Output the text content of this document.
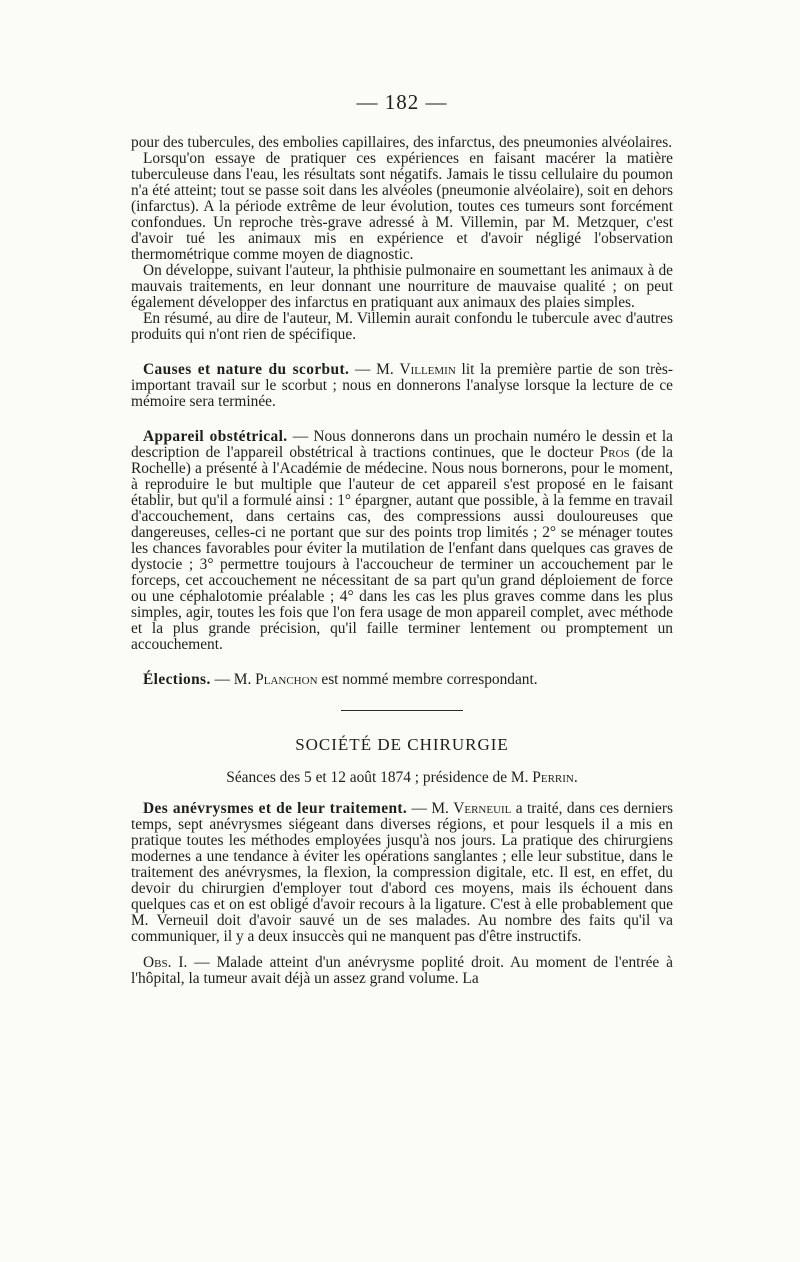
— 182 —

pour des tubercules, des embolies capillaires, des infarctus, des pneumonies alvéolaires.

Lorsqu'on essaye de pratiquer ces expériences en faisant macérer la matière tuberculeuse dans l'eau, les résultats sont négatifs. Jamais le tissu cellulaire du poumon n'a été atteint; tout se passe soit dans les alvéoles (pneumonie alvéolaire), soit en dehors (infarctus). A la période extrême de leur évolution, toutes ces tumeurs sont forcément confondues. Un reproche très-grave adressé à M. Villemin, par M. Metzquer, c'est d'avoir tué les animaux mis en expérience et d'avoir négligé l'observation thermométrique comme moyen de diagnostic.

On développe, suivant l'auteur, la phthisie pulmonaire en soumettant les animaux à de mauvais traitements, en leur donnant une nourriture de mauvaise qualité ; on peut également développer des infarctus en pratiquant aux animaux des plaies simples.

En résumé, au dire de l'auteur, M. Villemin aurait confondu le tubercule avec d'autres produits qui n'ont rien de spécifique.

Causes et nature du scorbut. — M. Villemin lit la première partie de son très-important travail sur le scorbut ; nous en donnerons l'analyse lorsque la lecture de ce mémoire sera terminée.

Appareil obstétrical. — Nous donnerons dans un prochain numéro le dessin et la description de l'appareil obstétrical à tractions continues, que le docteur Pros (de la Rochelle) a présenté à l'Académie de médecine. Nous nous bornerons, pour le moment, à reproduire le but multiple que l'auteur de cet appareil s'est proposé en le faisant établir, but qu'il a formulé ainsi : 1° épargner, autant que possible, à la femme en travail d'accouchement, dans certains cas, des compressions aussi douloureuses que dangereuses, celles-ci ne portant que sur des points trop limités ; 2° se ménager toutes les chances favorables pour éviter la mutilation de l'enfant dans quelques cas graves de dystocie ; 3° permettre toujours à l'accoucheur de terminer un accouchement par le forceps, cet accouchement ne nécessitant de sa part qu'un grand déploiement de force ou une céphalotomie préalable ; 4° dans les cas les plus graves comme dans les plus simples, agir, toutes les fois que l'on fera usage de mon appareil complet, avec méthode et la plus grande précision, qu'il faille terminer lentement ou promptement un accouchement.

Élections. — M. Planchon est nommé membre correspondant.

SOCIÉTÉ DE CHIRURGIE
Séances des 5 et 12 août 1874 ; présidence de M. Perrin.

Des anévrysmes et de leur traitement. — M. Verneuil a traité, dans ces derniers temps, sept anévrysmes siégeant dans diverses régions, et pour lesquels il a mis en pratique toutes les méthodes employées jusqu'à nos jours. La pratique des chirurgiens modernes a une tendance à éviter les opérations sanglantes ; elle leur substitue, dans le traitement des anévrysmes, la flexion, la compression digitale, etc. Il est, en effet, du devoir du chirurgien d'employer tout d'abord ces moyens, mais ils échouent dans quelques cas et on est obligé d'avoir recours à la ligature. C'est à elle probablement que M. Verneuil doit d'avoir sauvé un de ses malades. Au nombre des faits qu'il va communiquer, il y a deux insuccès qui ne manquent pas d'être instructifs.

Obs. I. — Malade atteint d'un anévrysme poplité droit. Au moment de l'entrée à l'hôpital, la tumeur avait déjà un assez grand volume. La
